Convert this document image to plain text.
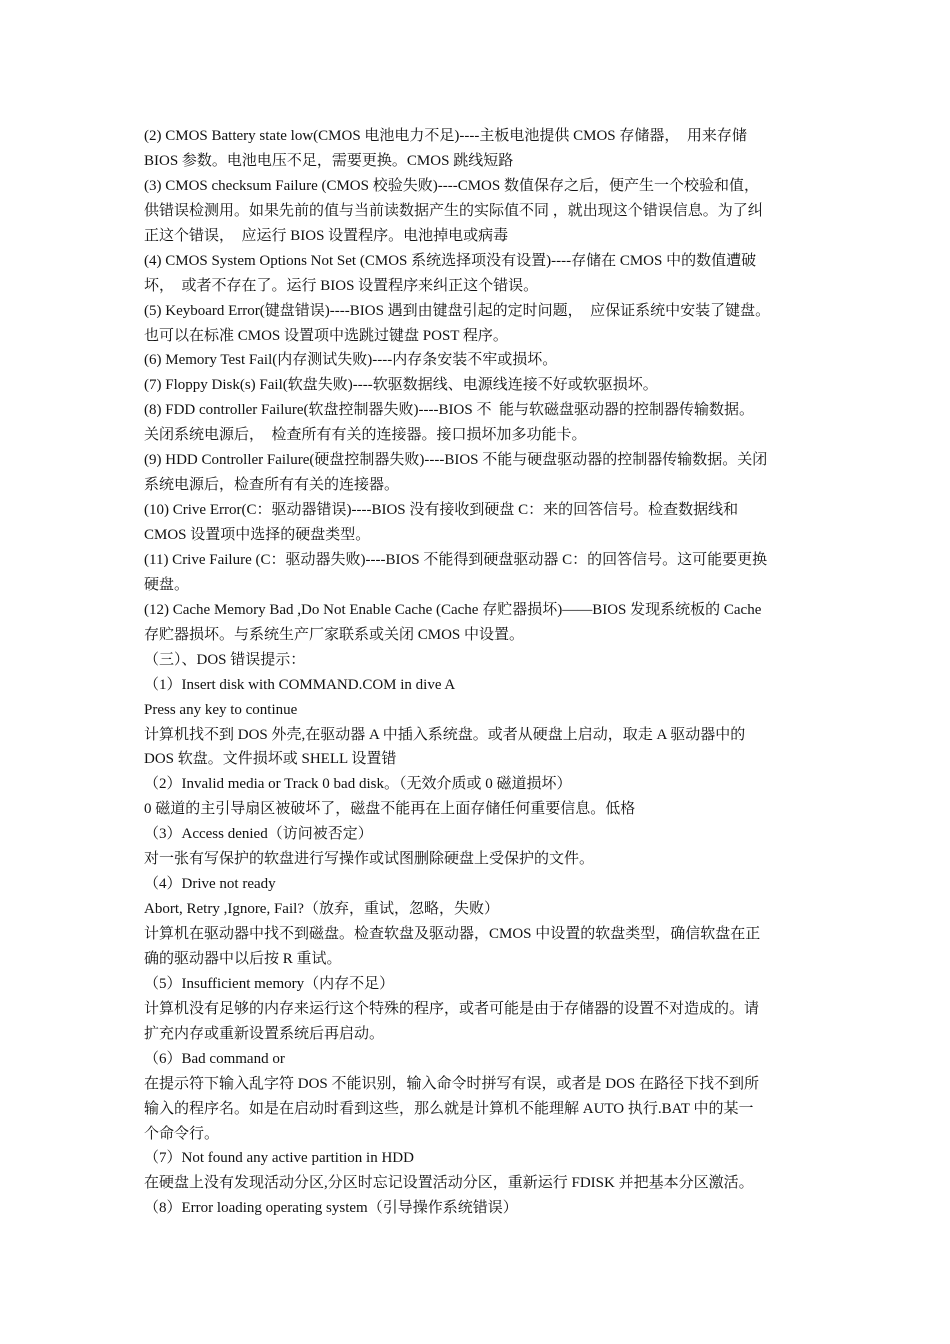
(2) CMOS Battery state low(CMOS 电池电力不足)----主板电池提供 CMOS 存储器，  用来存储
BIOS 参数。电池电压不足，需要更换。CMOS 跳线短路
(3) CMOS checksum Failure (CMOS 校验失败)----CMOS 数值保存之后，便产生一个校验和值，
供错误检测用。如果先前的值与当前读数据产生的实际值不同 ，就出现这个错误信息。为了纠
正这个错误，  应运行 BIOS 设置程序。电池掉电或病毒
(4) CMOS System Options Not Set (CMOS 系统选择项没有设置)----存储在 CMOS 中的数值遭破
坏，  或者不存在了。运行 BIOS 设置程序来纠正这个错误。
(5) Keyboard Error(键盘错误)----BIOS 遇到由键盘引起的定时问题，  应保证系统中安装了键盘。
也可以在标准 CMOS 设置项中选跳过键盘 POST 程序。
(6) Memory Test Fail(内存测试失败)----内存条安装不牢或损坏。
(7) Floppy Disk(s) Fail(软盘失败)----软驱数据线、电源线连接不好或软驱损坏。
(8) FDD controller Failure(软盘控制器失败)----BIOS 不  能与软磁盘驱动器的控制器传输数据。
关闭系统电源后，  检查所有有关的连接器。接口损坏加多功能卡。
(9) HDD Controller Failure(硬盘控制器失败)----BIOS 不能与硬盘驱动器的控制器传输数据。关闭
系统电源后，检查所有有关的连接器。
(10) Crive Error(C：驱动器错误)----BIOS 没有接收到硬盘 C：来的回答信号。检查数据线和
CMOS 设置项中选择的硬盘类型。
(11) Crive Failure (C：驱动器失败)----BIOS 不能得到硬盘驱动器 C：的回答信号。这可能要更换
硬盘。
(12) Cache Memory Bad ,Do Not Enable Cache (Cache 存贮器损坏)——BIOS 发现系统板的 Cache
存贮器损坏。与系统生产厂家联系或关闭 CMOS 中设置。
（三）、DOS 错误提示：
（1）Insert disk with COMMAND.COM in dive A
Press any key to continue
计算机找不到 DOS 外壳,在驱动器 A 中插入系统盘。或者从硬盘上启动，取走 A 驱动器中的
DOS 软盘。文件损坏或 SHELL 设置错
（2）Invalid media or Track 0 bad disk。（无效介质或 0 磁道损坏）
0 磁道的主引导扇区被破坏了，磁盘不能再在上面存储任何重要信息。低格
（3）Access denied（访问被否定）
对一张有写保护的软盘进行写操作或试图删除硬盘上受保护的文件。
（4）Drive not ready
Abort, Retry ,Ignore, Fail?（放弃，重试，忽略，失败）
计算机在驱动器中找不到磁盘。检查软盘及驱动器，CMOS 中设置的软盘类型，确信软盘在正
确的驱动器中以后按 R 重试。
（5）Insufficient memory（内存不足）
计算机没有足够的内存来运行这个特殊的程序，或者可能是由于存储器的设置不对造成的。请
扩充内存或重新设置系统后再启动。
（6）Bad command or
在提示符下输入乱字符 DOS 不能识别，输入命令时拼写有误，或者是 DOS 在路径下找不到所
输入的程序名。如是在启动时看到这些，那么就是计算机不能理解 AUTO 执行.BAT 中的某一
个命令行。
（7）Not found any active partition in HDD
在硬盘上没有发现活动分区,分区时忘记设置活动分区，重新运行 FDISK 并把基本分区激活。
（8）Error loading operating system（引导操作系统错误）
